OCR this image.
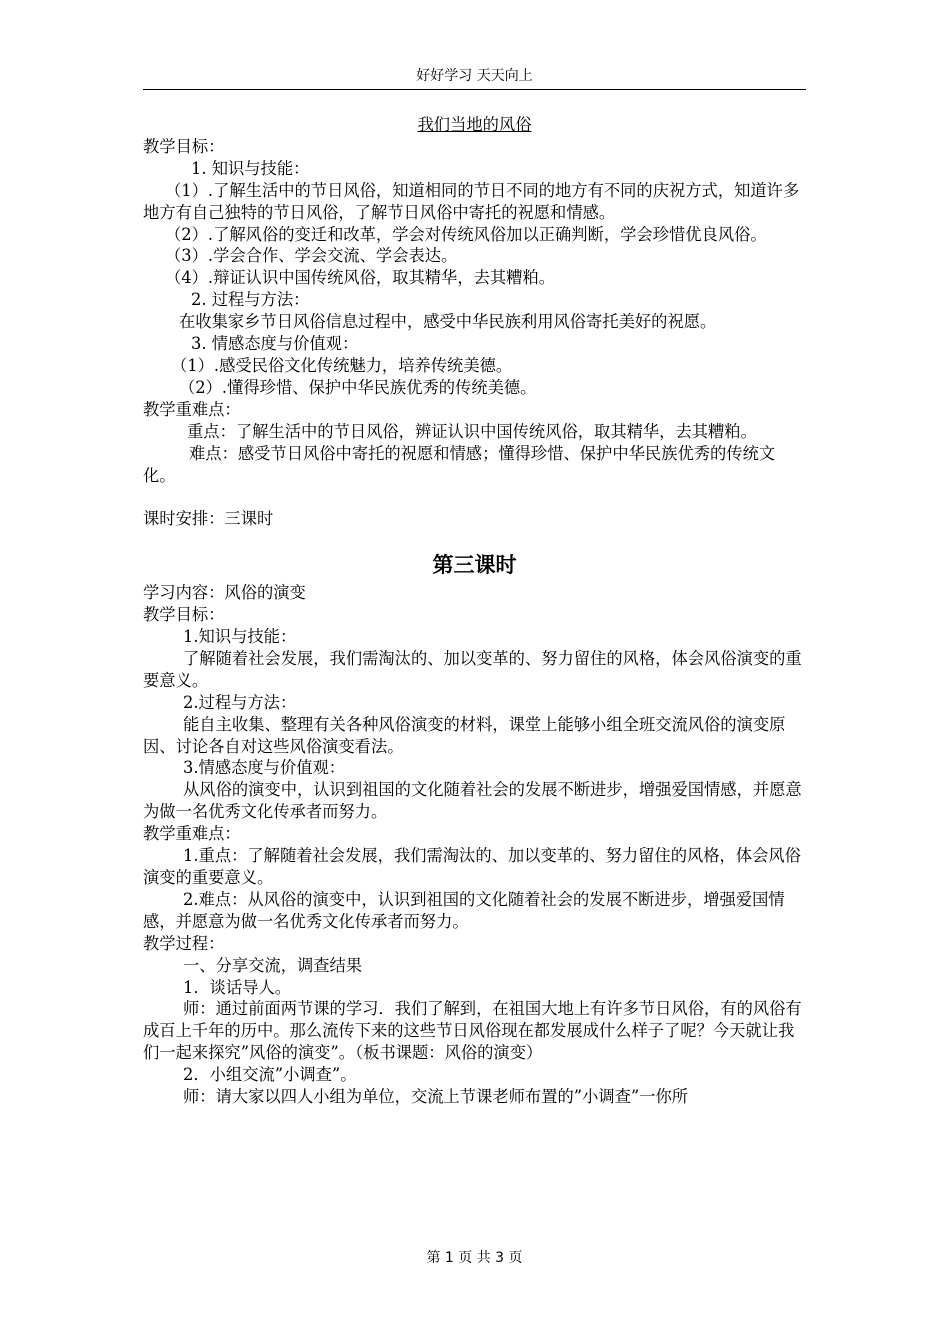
好好学习 天天向上

我们当地的风俗

教学目标：

1. 知识与技能：

（1）.了解生活中的节日风俗，知道相同的节日不同的地方有不同的庆祝方式，知道许多地方有自己独特的节日风俗，了解节日风俗中寄托的祝愿和情感。

（2）.了解风俗的变迁和改革，学会对传统风俗加以正确判断，学会珍惜优良风俗。

（3）.学会合作、学会交流、学会表达。

（4）.辩证认识中国传统风俗，取其精华，去其糟粕。

2. 过程与方法：

在收集家乡节日风俗信息过程中，感受中华民族利用风俗寄托美好的祝愿。

3. 情感态度与价值观：

（1）.感受民俗文化传统魅力，培养传统美德。

（2）.懂得珍惜、保护中华民族优秀的传统美德。

教学重难点：

重点：了解生活中的节日风俗，辨证认识中国传统风俗，取其精华，去其糟粕。

难点：感受节日风俗中寄托的祝愿和情感；懂得珍惜、保护中华民族优秀的传统文化。

课时安排：三课时

第三课时

学习内容：风俗的演变

教学目标：

1.知识与技能：

了解随着社会发展，我们需淘汰的、加以变革的、努力留住的风格，体会风俗演变的重要意义。

2.过程与方法：

能自主收集、整理有关各种风俗演变的材料，课堂上能够小组全班交流风俗的演变原因、讨论各自对这些风俗演变看法。

3.情感态度与价值观：

从风俗的演变中，认识到祖国的文化随着社会的发展不断进步，增强爱国情感，并愿意为做一名优秀文化传承者而努力。

教学重难点：

1.重点：了解随着社会发展，我们需淘汰的、加以变革的、努力留住的风格，体会风俗演变的重要意义。

2.难点：从风俗的演变中，认识到祖国的文化随着社会的发展不断进步，增强爱国情感，并愿意为做一名优秀文化传承者而努力。

教学过程：

一、分享交流，调查结果

1．谈话导人。

师：通过前面两节课的学习．我们了解到，在祖国大地上有许多节日风俗，有的风俗有成百上千年的历中。那么流传下来的这些节日风俗现在都发展成什么样子了呢？今天就让我们一起来探究”风俗的演变”。（板书课题：风俗的演变）

2．小组交流”小调查”。

师：请大家以四人小组为单位，交流上节课老师布置的”小调查”一你所

第 1 页 共 3 页
